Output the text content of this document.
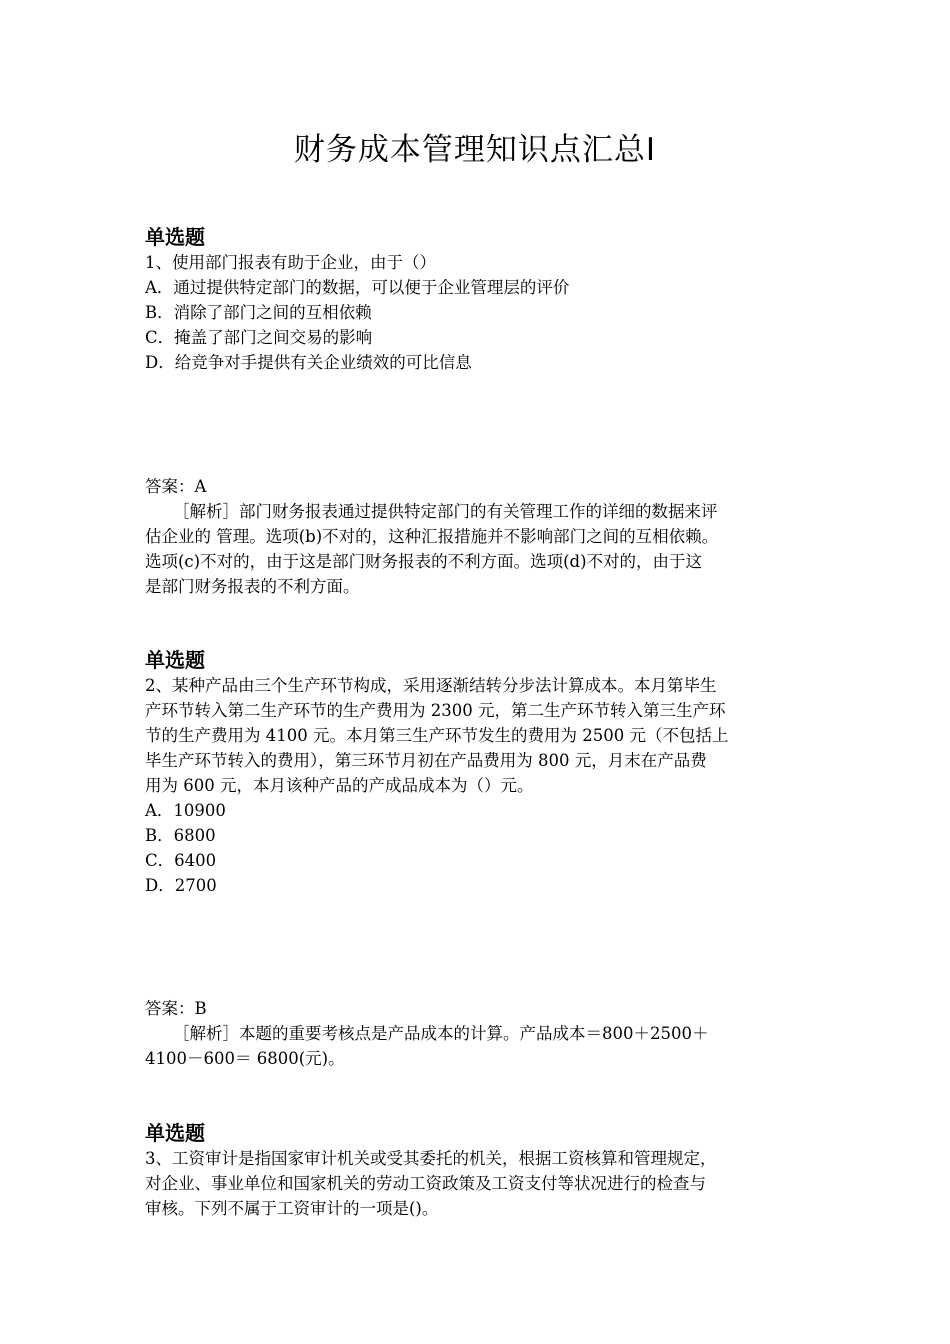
财务成本管理知识点汇总Ⅰ
单选题
1、使用部门报表有助于企业，由于（）
A．通过提供特定部门的数据，可以便于企业管理层的评价
B．消除了部门之间的互相依赖
C．掩盖了部门之间交易的影响
D．给竞争对手提供有关企业绩效的可比信息
答案：A
［解析］部门财务报表通过提供特定部门的有关管理工作的详细的数据来评
估企业的 管理。选项(b)不对的，这种汇报措施并不影响部门之间的互相依赖。
选项(c)不对的，由于这是部门财务报表的不利方面。选项(d)不对的，由于这
是部门财务报表的不利方面。
单选题
2、某种产品由三个生产环节构成，采用逐渐结转分步法计算成本。本月第毕生
产环节转入第二生产环节的生产费用为 2300 元，第二生产环节转入第三生产环
节的生产费用为 4100 元。本月第三生产环节发生的费用为 2500 元（不包括上
毕生产环节转入的费用），第三环节月初在产品费用为 800 元，月末在产品费
用为 600 元，本月该种产品的产成品成本为（）元。
A．10900
B．6800
C．6400
D．2700
答案：B
［解析］本题的重要考核点是产品成本的计算。产品成本＝800＋2500＋
4100－600＝ 6800(元)。
单选题
3、工资审计是指国家审计机关或受其委托的机关，根据工资核算和管理规定，
对企业、事业单位和国家机关的劳动工资政策及工资支付等状况进行的检查与
审核。下列不属于工资审计的一项是()。
